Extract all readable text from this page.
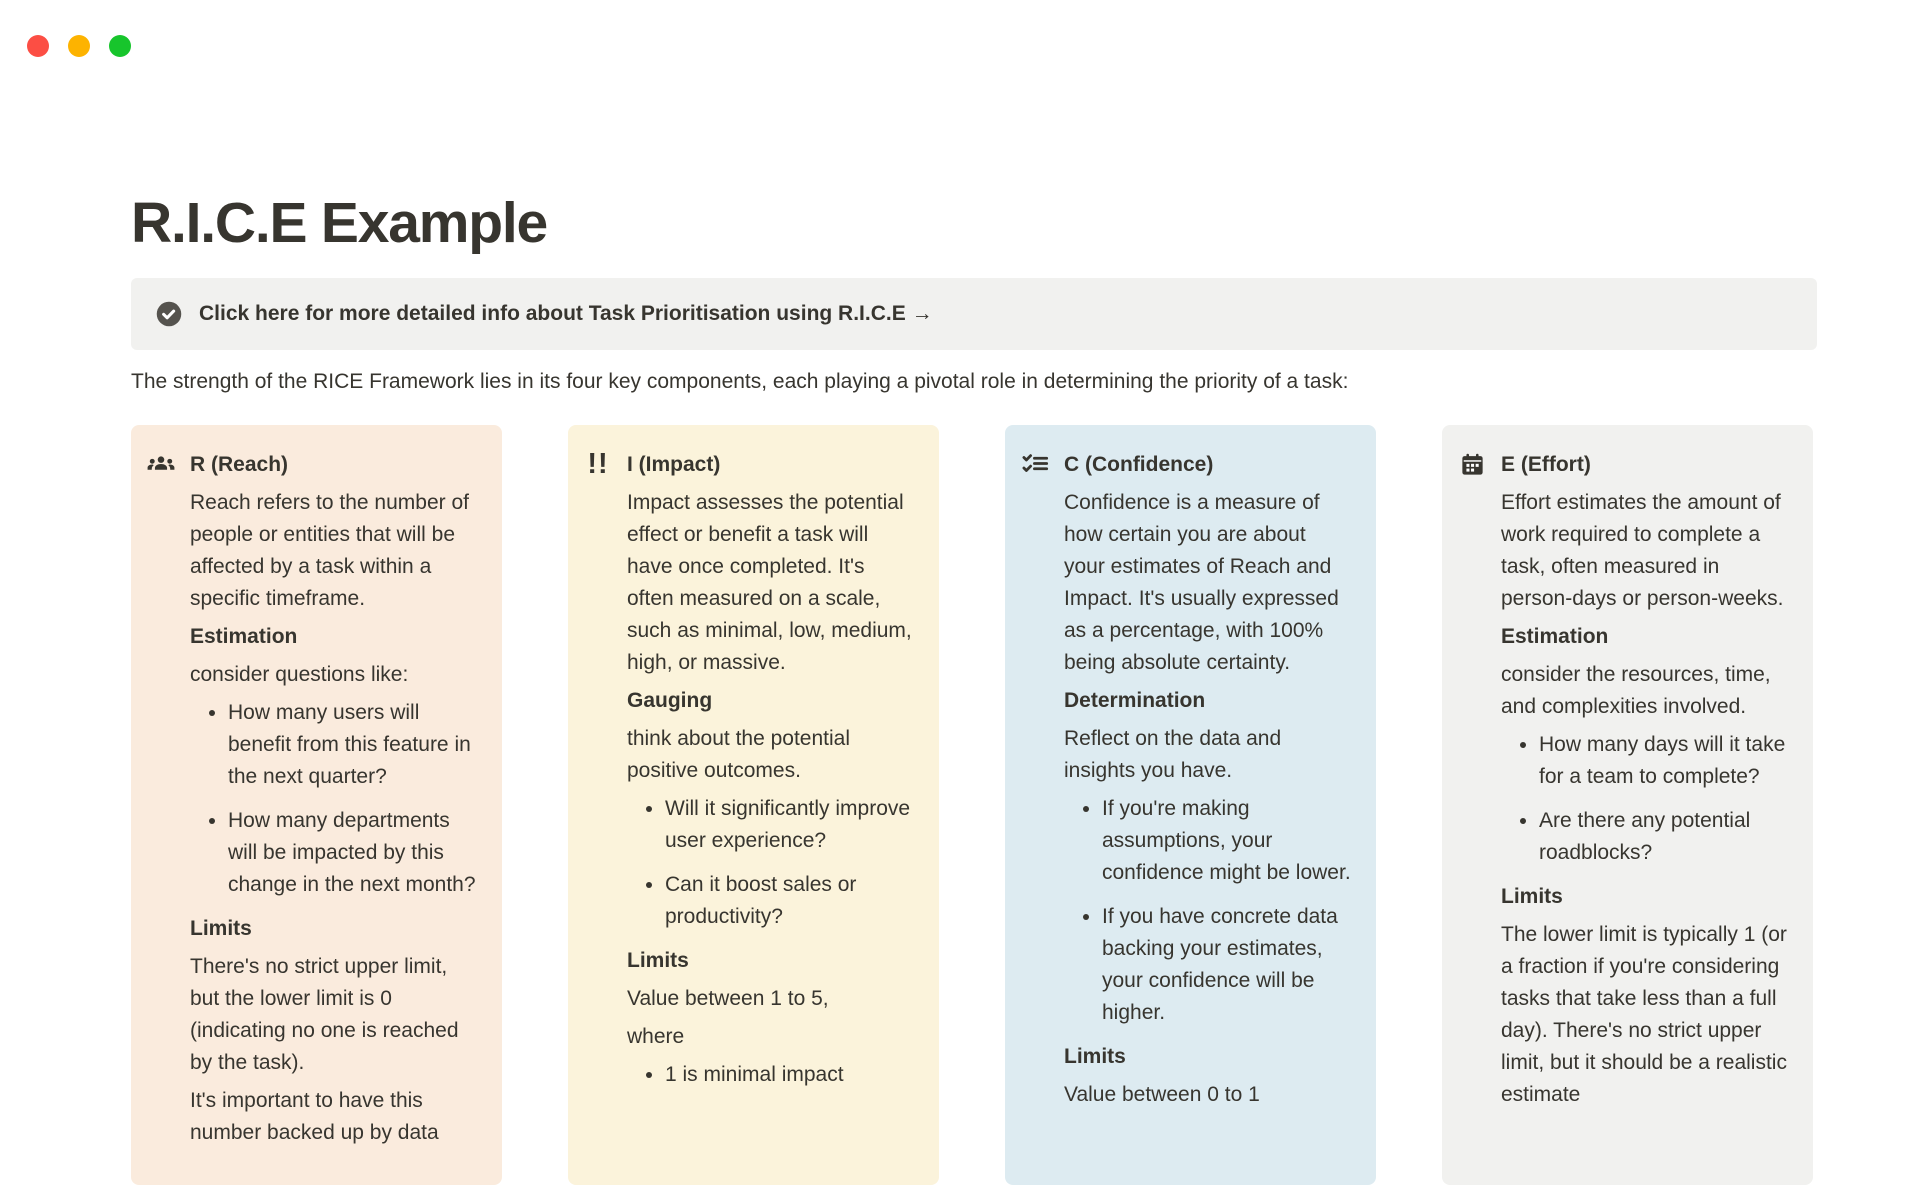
R.I.C.E Example
Click here for more detailed info about Task Prioritisation using R.I.C.E →

The strength of the RICE Framework lies in its four key components, each playing a pivotal role in determining the priority of a task:

R (Reach)

Reach refers to the number of people or entities that will be affected by a task within a specific timeframe.

Estimation

consider questions like:

• How many users will benefit from this feature in the next quarter?
• How many departments will be impacted by this change in the next month?

Limits

There's no strict upper limit, but the lower limit is 0 (indicating no one is reached by the task).

It's important to have this number backed up by data

!! I (Impact)

Impact assesses the potential effect or benefit a task will have once completed. It's often measured on a scale, such as minimal, low, medium, high, or massive.

Gauging

think about the potential positive outcomes.

• Will it significantly improve user experience?
• Can it boost sales or productivity?

Limits

Value between 1 to 5,

where

• 1 is minimal impact
C (Confidence)

Confidence is a measure of how certain you are about your estimates of Reach and Impact. It's usually expressed as a percentage, with 100% being absolute certainty.

Determination

Reflect on the data and insights you have.

• If you're making assumptions, your confidence might be lower.
• If you have concrete data backing your estimates, your confidence will be higher.

Limits

Value between 0 to 1

E (Effort)

Effort estimates the amount of work required to complete a task, often measured in person-days or person-weeks.

Estimation

consider the resources, time, and complexities involved.

• How many days will it take for a team to complete?
• Are there any potential roadblocks?

Limits

The lower limit is typically 1 (or a fraction if you're considering tasks that take less than a full day). There's no strict upper limit, but it should be a realistic estimate
